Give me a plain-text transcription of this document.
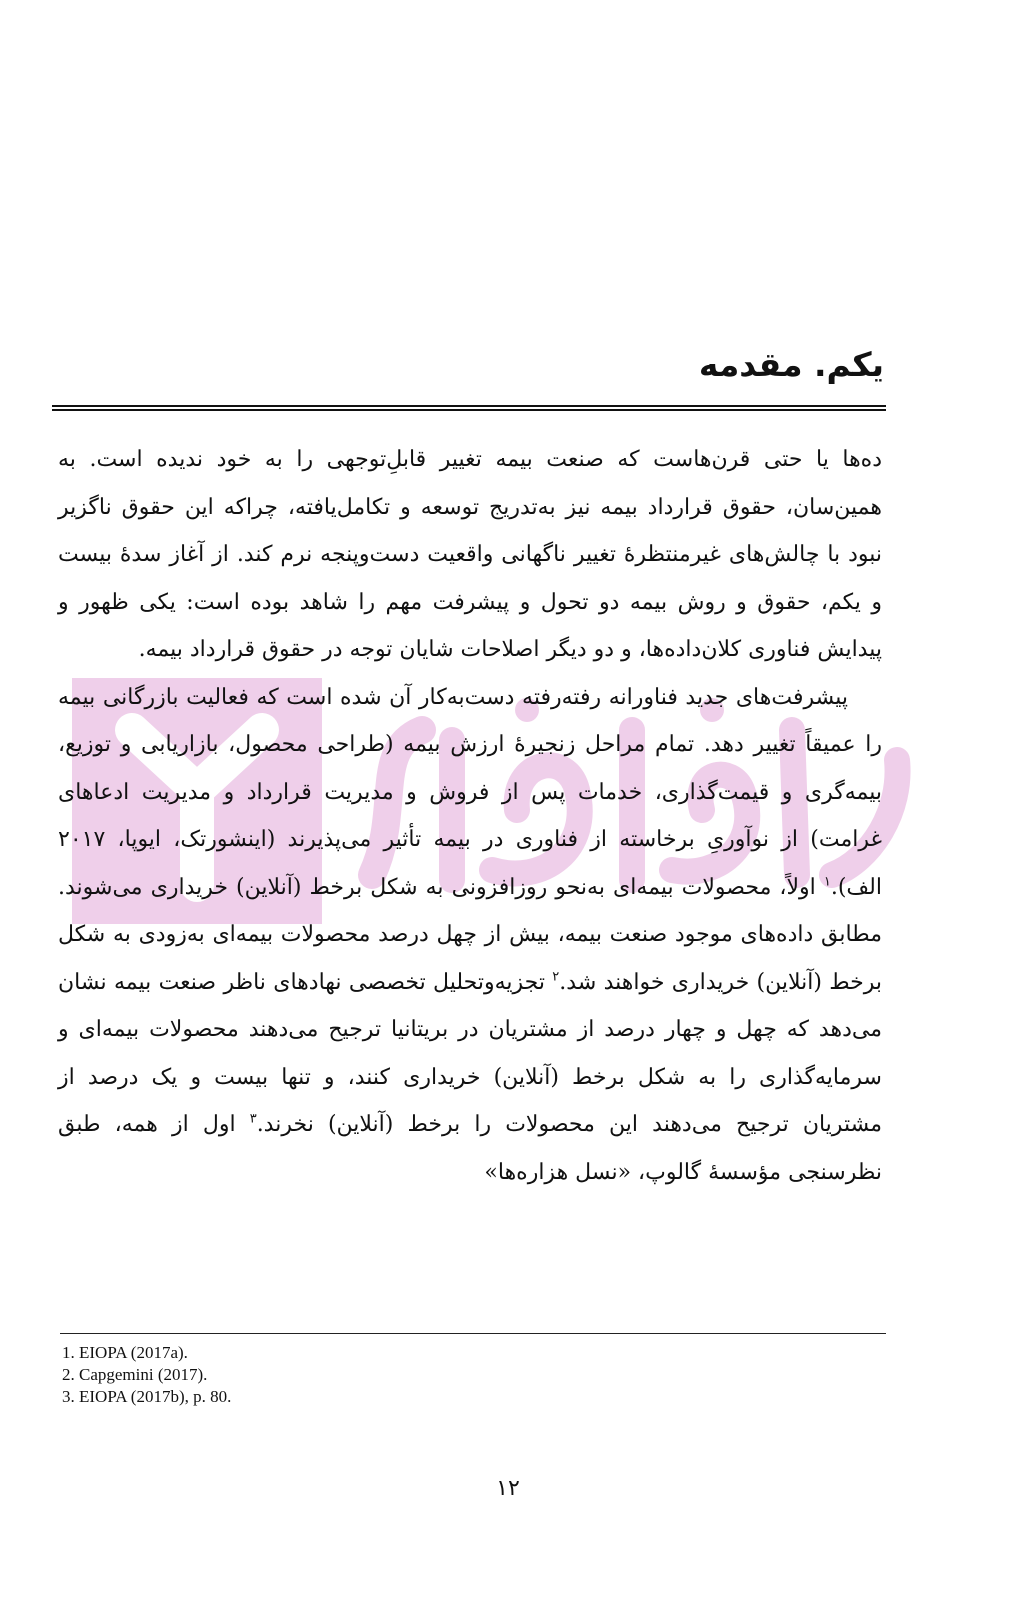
یکم. مقدمه

ده‌ها یا حتی قرن‌هاست که صنعت بیمه تغییر قابلِ‌توجهی را به خود ندیده است. به همین‌سان، حقوق قرارداد بیمه نیز به‌تدریج توسعه و تکامل‌یافته، چراکه این حقوق ناگزیر نبود با چالش‌های غیرمنتظرۀ تغییر ناگهانی واقعیت دست‌وپنجه نرم کند. از آغاز سدۀ بیست و یکم، حقوق و روش بیمه دو تحول و پیشرفت مهم را شاهد بوده است: یکی ظهور و پیدایش فناوری کلان‌داده‌ها، و دو دیگر اصلاحات شایان توجه در حقوق قرارداد بیمه.

پیشرفت‌های جدید فناورانه رفته‌رفته دست‌به‌کار آن شده است که فعالیت بازرگانی بیمه را عمیقاً تغییر دهد. تمام مراحل زنجیرۀ ارزش بیمه (طراحی محصول، بازاریابی و توزیع، بیمه‌گری و قیمت‌گذاری، خدمات پس از فروش و مدیریت قرارداد و مدیریت ادعاهای غرامت) از نوآوریِ برخاسته از فناوری در بیمه تأثیر می‌پذیرند (اینشورتک، ایوپا، ۲۰۱۷ الف).$^۱$ اولاً، محصولات بیمه‌ای به‌نحو روزافزونی به شکل برخط (آنلاین) خریداری می‌شوند. مطابق داده‌های موجود صنعت بیمه، بیش از چهل درصد محصولات بیمه‌ای به‌زودی به شکل برخط (آنلاین) خریداری خواهند شد.$^۲$ تجزیه‌وتحلیل تخصصی نهادهای ناظر صنعت بیمه نشان می‌دهد که چهل و چهار درصد از مشتریان در بریتانیا ترجیح می‌دهند محصولات بیمه‌ای و سرمایه‌گذاری را به شکل برخط (آنلاین) خریداری کنند، و تنها بیست و یک درصد از مشتریان ترجیح می‌دهند این محصولات را برخط (آنلاین) نخرند.$^۳$ اول از همه، طبق نظرسنجی مؤسسۀ گالوپ، «نسل هزاره‌ها»

1. EIOPA (2017a).
2. Capgemini (2017).
3. EIOPA (2017b), p. 80.
۱۲
